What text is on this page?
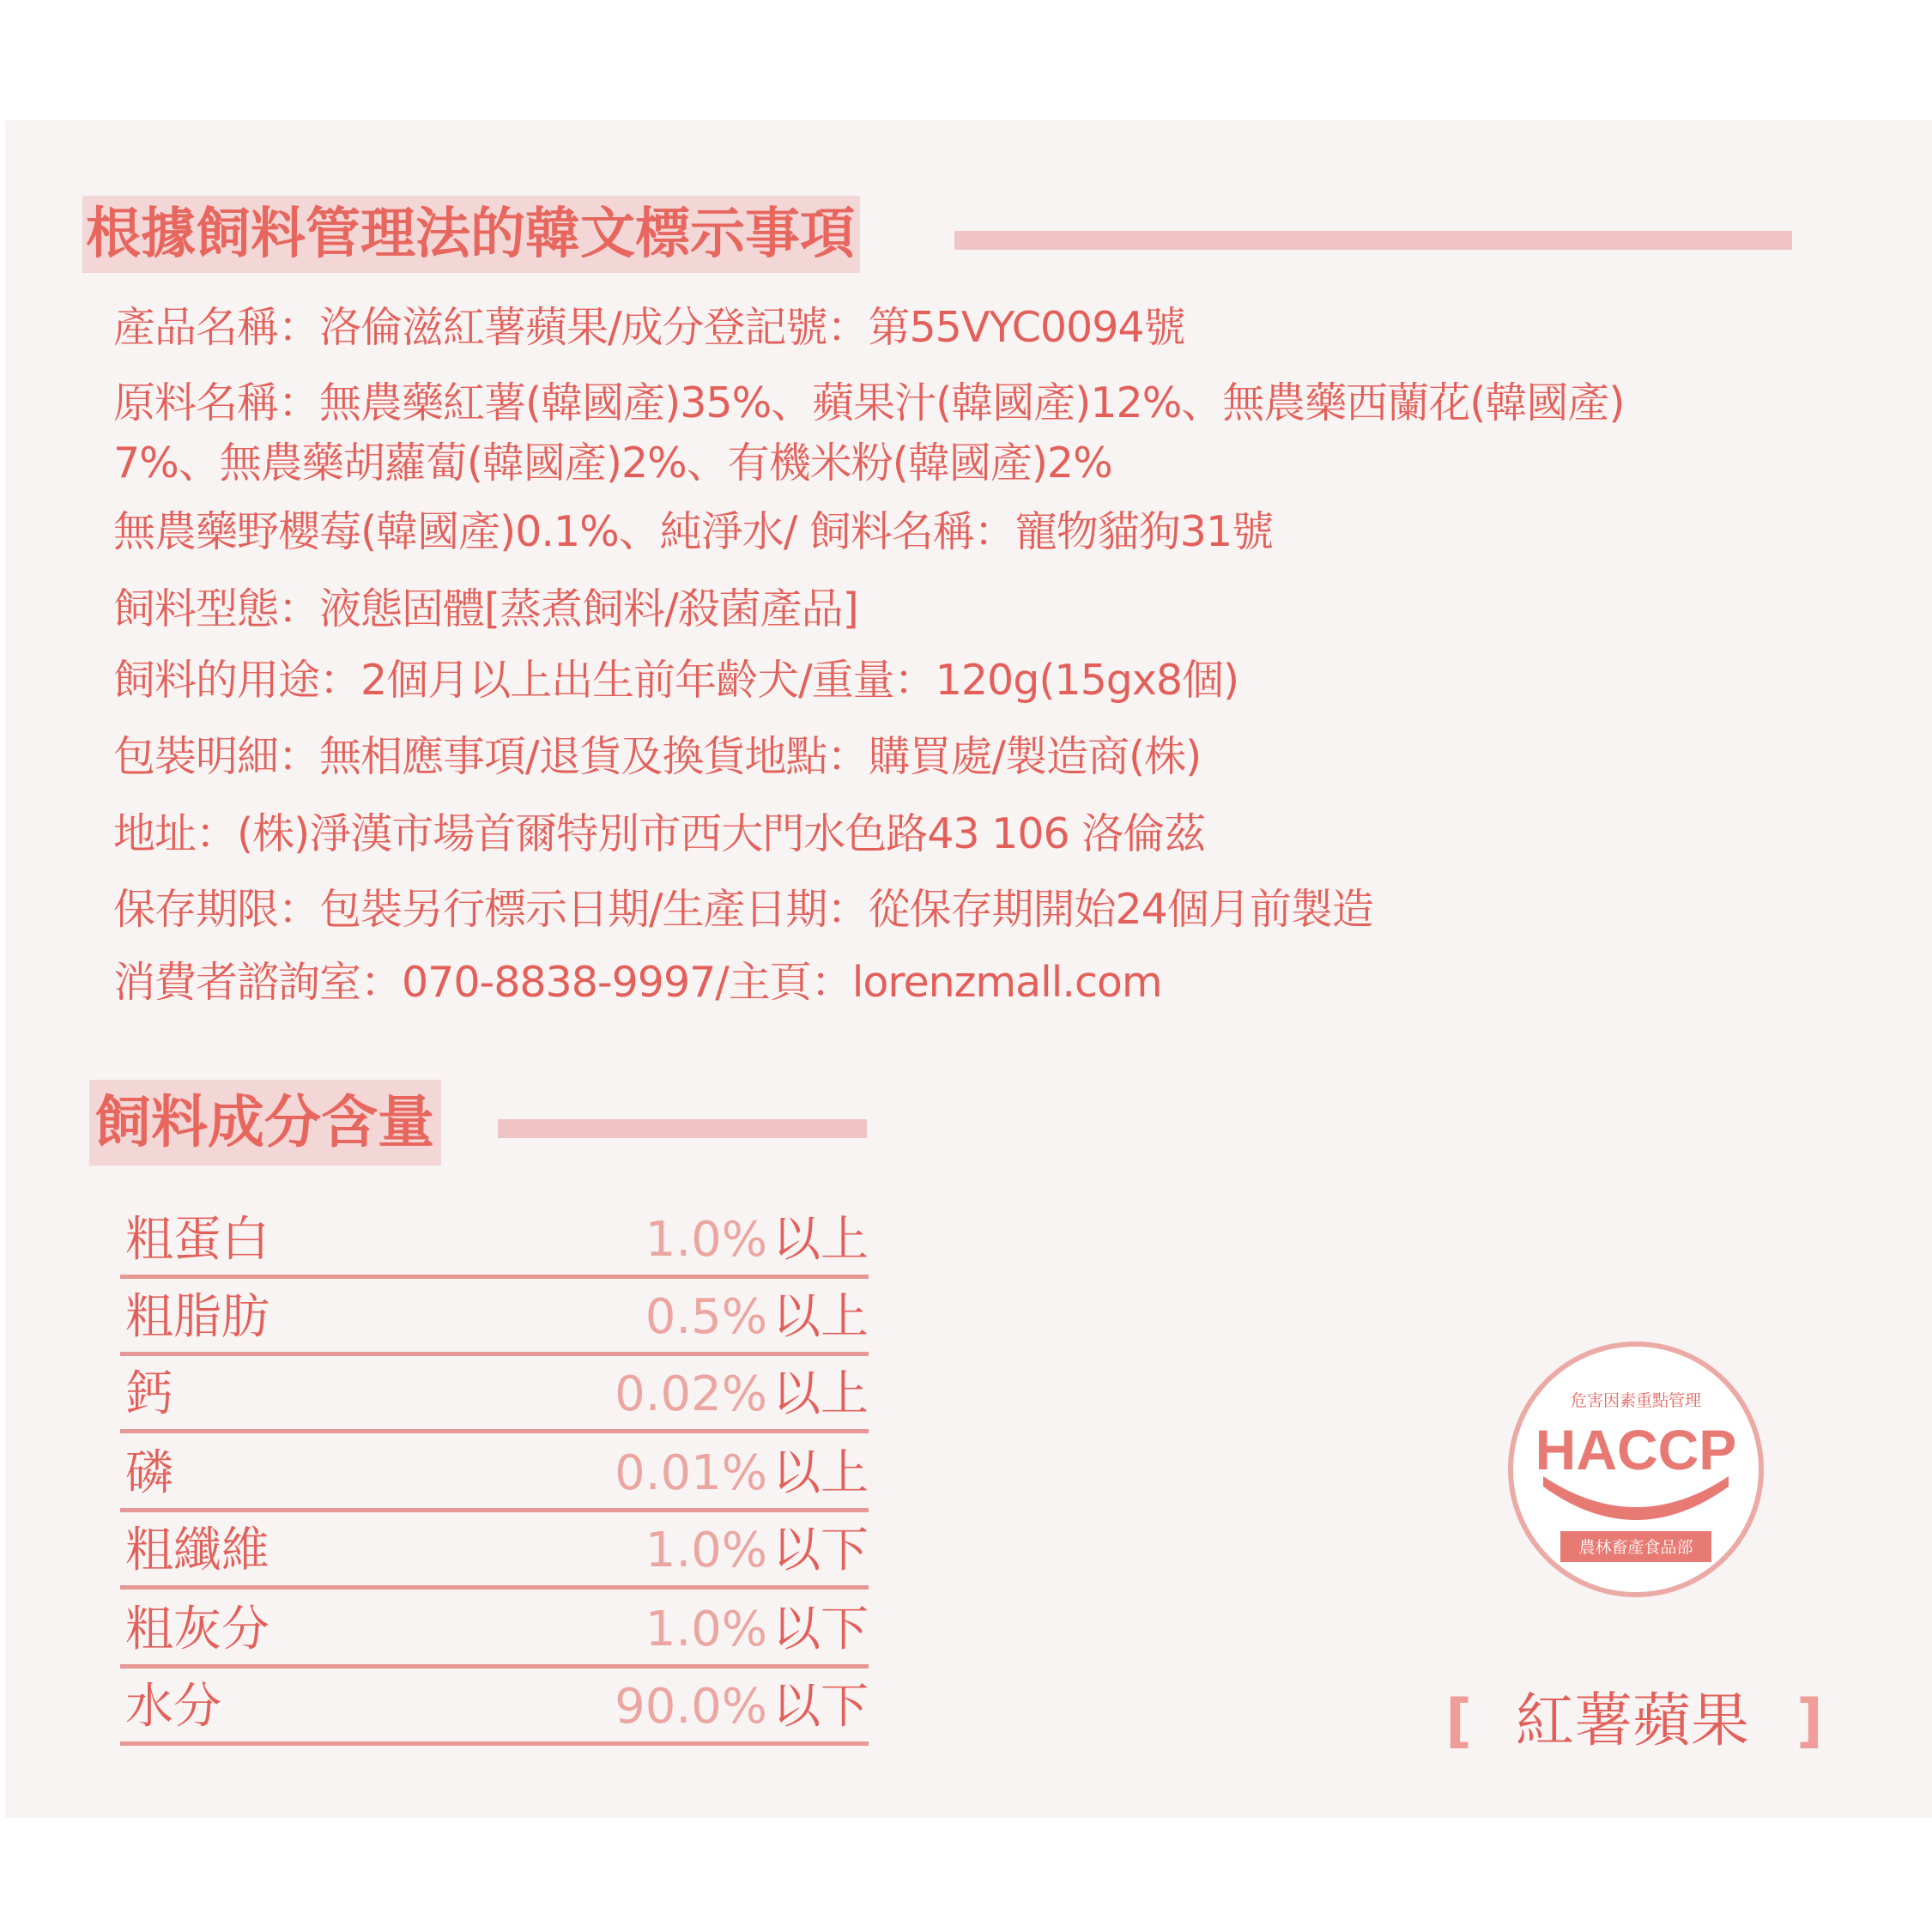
根據飼料管理法的韓文標示事項
產品名稱：洛倫滋紅薯蘋果/成分登記號：第55VYC0094號
原料名稱：無農藥紅薯(韓國產)35%、蘋果汁(韓國產)12%、無農藥西蘭花(韓國產)
7%、無農藥胡蘿蔔(韓國產)2%、有機米粉(韓國產)2%
無農藥野櫻莓(韓國產)0.1%、純淨水/ 飼料名稱：寵物貓狗31號
飼料型態：液態固體[蒸煮飼料/殺菌產品]
飼料的用途：2個月以上出生前年齡犬/重量：120g(15gx8個)
包裝明細：無相應事項/退貨及換貨地點：購買處/製造商(株)
地址：(株)淨漢市場首爾特別市西大門水色路43 106 洛倫茲
保存期限：包裝另行標示日期/生產日期：從保存期開始24個月前製造
消費者諮詢室：070-8838-9997/主頁：lorenzmall.com
飼料成分含量
粗蛋白	1.0% 以上
粗脂肪	0.5% 以上
鈣	0.02% 以上
磷	0.01% 以上
粗纖維	1.0% 以下
粗灰分	1.0% 以下
水分	90.0% 以下
危害因素重點管理
HACCP
農林畜產食品部
[ 紅薯蘋果 ]
